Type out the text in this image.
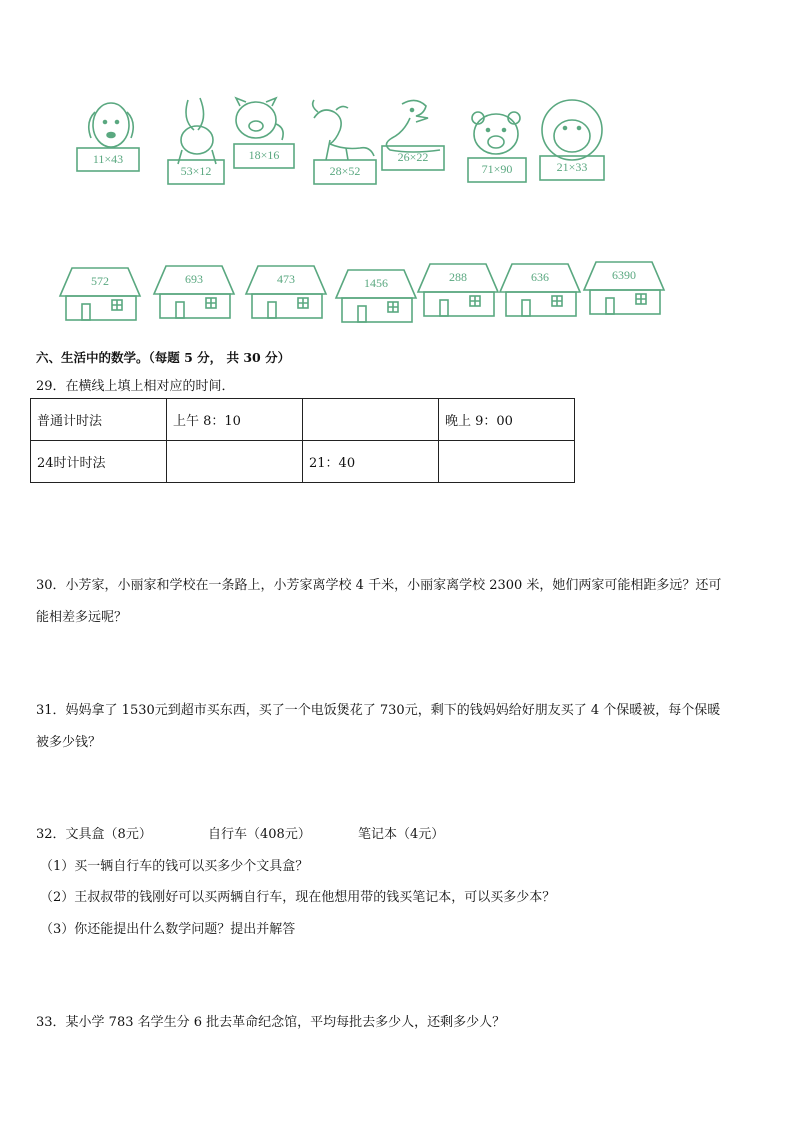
11×43
53×12
18×16
28×52
26×22
71×90	21×33
572	693	473	1456	288	636	6390
六、生活中的数学。（每题 5 分， 共 30 分）
29．在横线上填上相对应的时间．
普通计时法	上午 8：10		晚上 9：00
24时计时法		21：40	
30．小芳家，小丽家和学校在一条路上，小芳家离学校 4 千米，小丽家离学校 2300 米，她们两家可能相距多远？还可
能相差多远呢？
31．妈妈拿了 1530元到超市买东西，买了一个电饭煲花了 730元，剩下的钱妈妈给好朋友买了 4 个保暖被，每个保暖
被多少钱？
32．文具盒（8元）	自行车（408元）	笔记本（4元）
（1）买一辆自行车的钱可以买多少个文具盒？
（2）王叔叔带的钱刚好可以买两辆自行车，现在他想用带的钱买笔记本，可以买多少本？
（3）你还能提出什么数学问题？提出并解答
33．某小学 783 名学生分 6 批去革命纪念馆，平均每批去多少人，还剩多少人？
